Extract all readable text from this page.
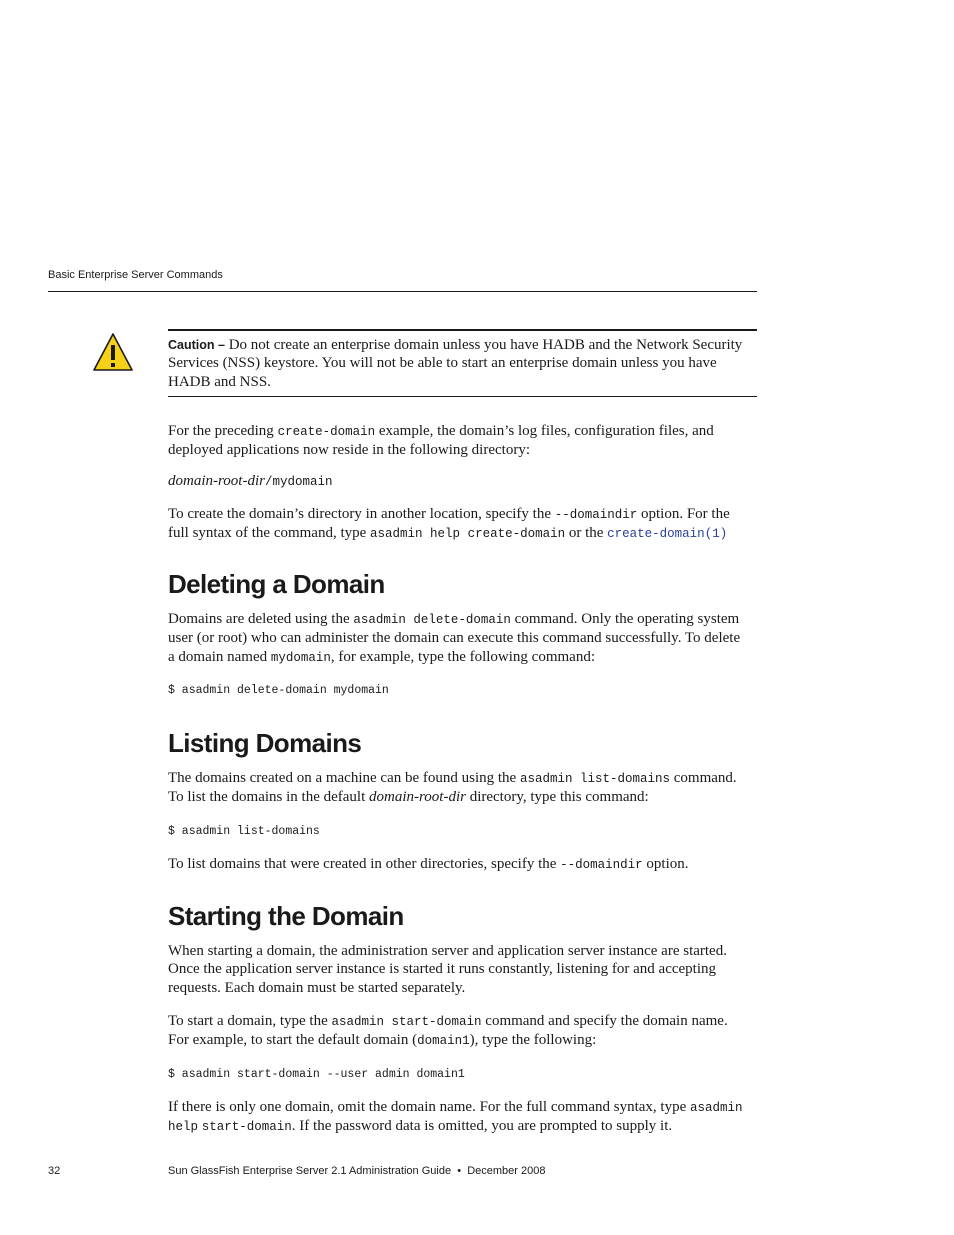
Basic Enterprise Server Commands
Caution – Do not create an enterprise domain unless you have HADB and the Network Security
Services (NSS) keystore. You will not be able to start an enterprise domain unless you have
HADB and NSS.
For the preceding create-domain example, the domain’s log files, configuration files, and
deployed applications now reside in the following directory:
domain-root-dir/mydomain
To create the domain’s directory in another location, specify the --domaindir option. For the
full syntax of the command, type asadmin help create-domain or the create-domain(1)
Deleting a Domain
Domains are deleted using the asadmin delete-domain command. Only the operating system
user (or root) who can administer the domain can execute this command successfully. To delete
a domain named mydomain, for example, type the following command:
$ asadmin delete-domain mydomain
Listing Domains
The domains created on a machine can be found using the asadmin list-domains command.
To list the domains in the default domain-root-dir directory, type this command:
$ asadmin list-domains
To list domains that were created in other directories, specify the --domaindir option.
Starting the Domain
When starting a domain, the administration server and application server instance are started.
Once the application server instance is started it runs constantly, listening for and accepting
requests. Each domain must be started separately.
To start a domain, type the asadmin start-domain command and specify the domain name.
For example, to start the default domain (domain1), type the following:
$ asadmin start-domain --user admin domain1
If there is only one domain, omit the domain name. For the full command syntax, type asadmin
help start-domain. If the password data is omitted, you are prompted to supply it.
32	Sun GlassFish Enterprise Server 2.1 Administration Guide • December 2008
